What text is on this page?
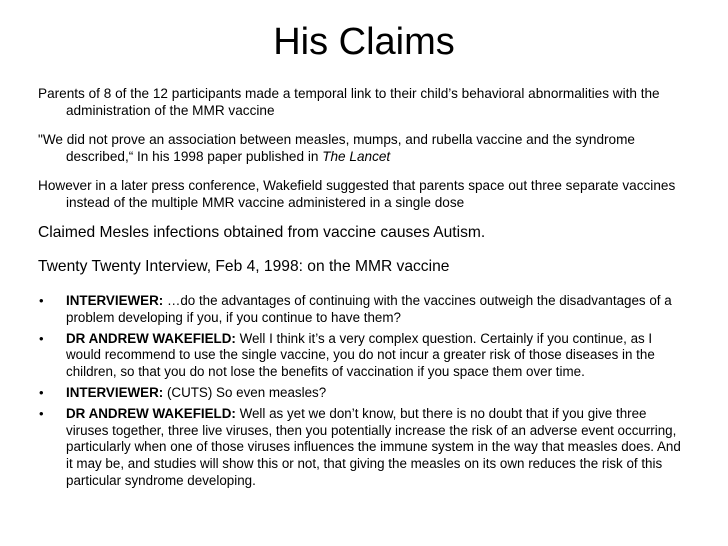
His Claims

Parents of 8 of the 12 participants made a temporal link to their child’s behavioral abnormalities with the administration of the MMR vaccine

"We did not prove an association between measles, mumps, and rubella vaccine and the syndrome described,“ In his 1998 paper published in The Lancet

However in a later press conference, Wakefield suggested that parents space out three separate vaccines instead of the multiple MMR vaccine administered in a single dose

Claimed Mesles infections obtained from vaccine causes Autism.

Twenty Twenty Interview, Feb 4, 1998: on the MMR vaccine

• INTERVIEWER: …do the advantages of continuing with the vaccines outweigh the disadvantages of a problem developing if you, if you continue to have them?
• DR ANDREW WAKEFIELD: Well I think it’s a very complex question. Certainly if you continue, as I would recommend to use the single vaccine, you do not incur a greater risk of those diseases in the children, so that you do not lose the benefits of vaccination if you space them over time.
• INTERVIEWER: (CUTS) So even measles?
• DR ANDREW WAKEFIELD: Well as yet we don’t know, but there is no doubt that if you give three viruses together, three live viruses, then you potentially increase the risk of an adverse event occurring, particularly when one of those viruses influences the immune system in the way that measles does. And it may be, and studies will show this or not, that giving the measles on its own reduces the risk of this particular syndrome developing.
